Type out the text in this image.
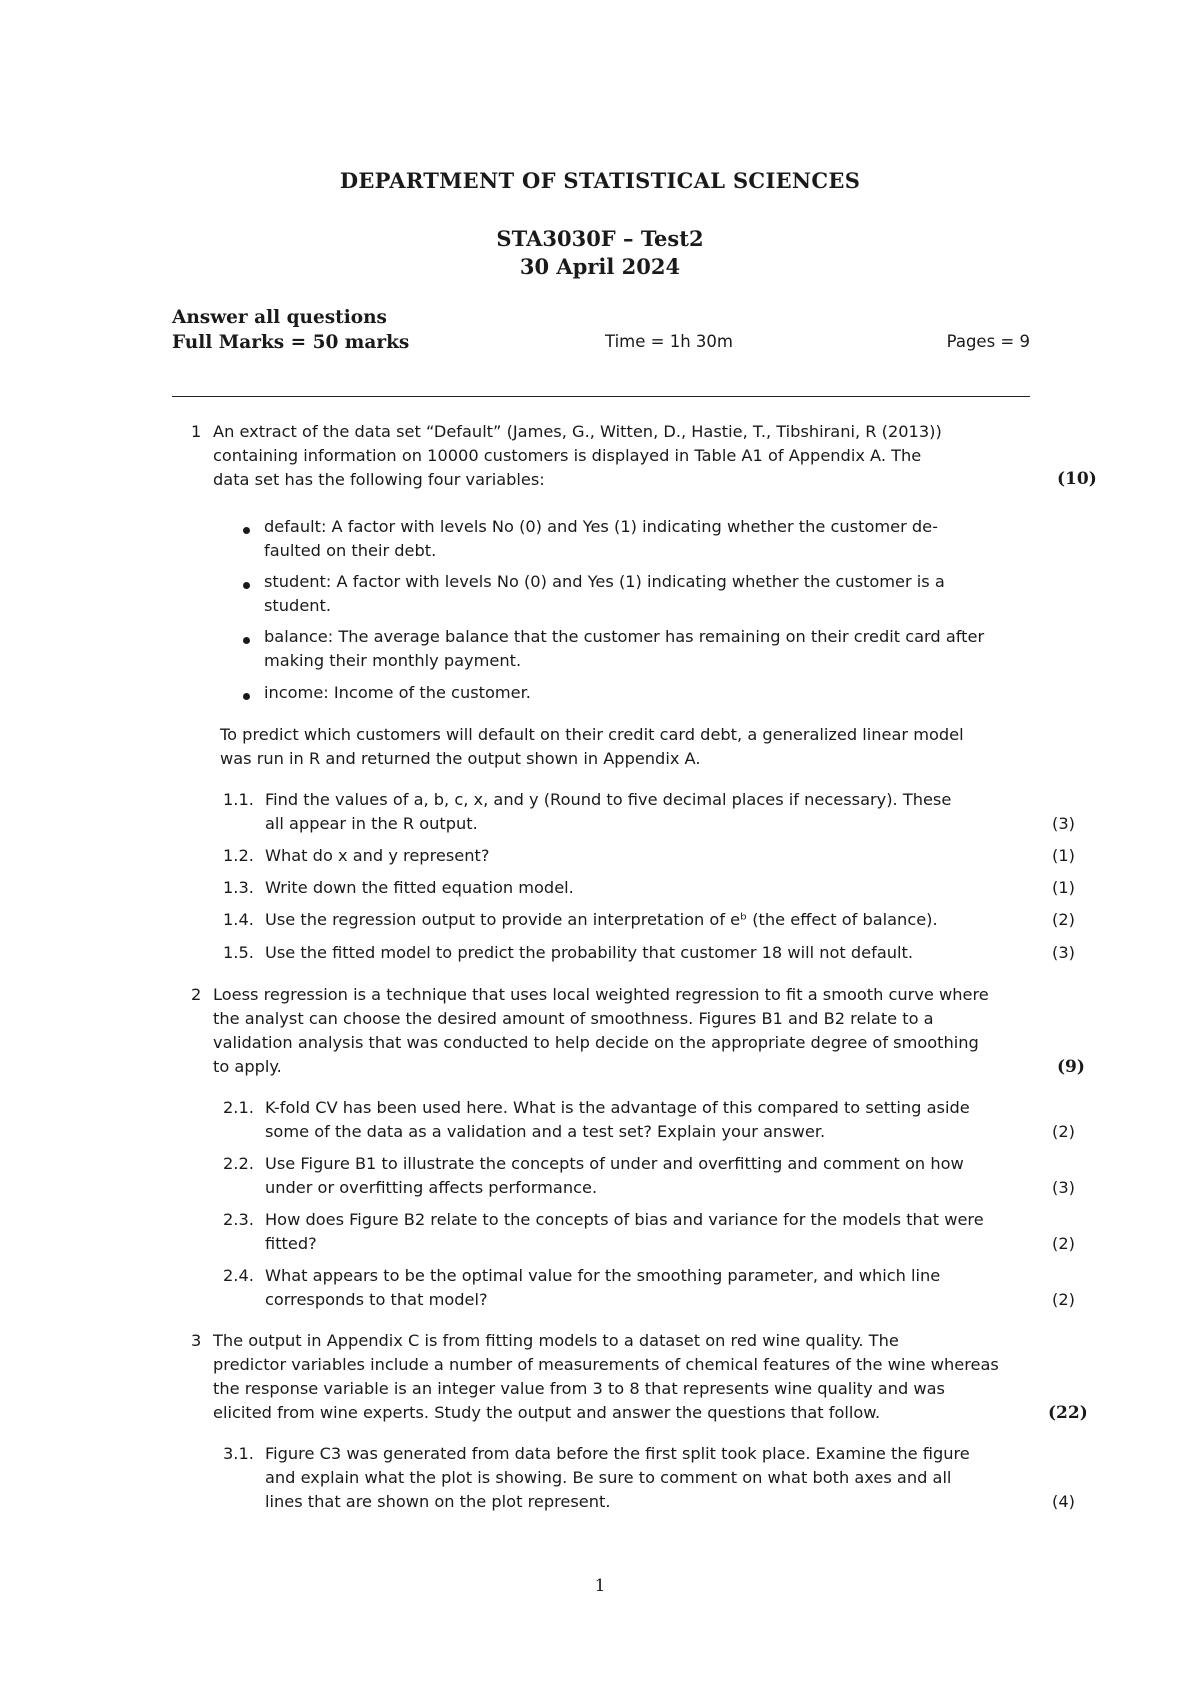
DEPARTMENT OF STATISTICAL SCIENCES
STA3030F – Test2
30 April 2024
Answer all questions
Full Marks = 50 marks	Time = 1h 30m	Pages = 9
1 An extract of the data set “Default” (James, G., Witten, D., Hastie, T., Tibshirani, R (2013))
containing information on 10000 customers is displayed in Table A1 of Appendix A. The
data set has the following four variables:	(10)
default: A factor with levels No (0) and Yes (1) indicating whether the customer de-
faulted on their debt.
student: A factor with levels No (0) and Yes (1) indicating whether the customer is a
student.
balance: The average balance that the customer has remaining on their credit card after
making their monthly payment.
income: Income of the customer.
To predict which customers will default on their credit card debt, a generalized linear model
was run in R and returned the output shown in Appendix A.
1.1. Find the values of a, b, c, x, and y (Round to five decimal places if necessary). These
all appear in the R output.	(3)
1.2. What do x and y represent?	(1)
1.3. Write down the fitted equation model.	(1)
1.4. Use the regression output to provide an interpretation of eᵇ (the effect of balance).	(2)
1.5. Use the fitted model to predict the probability that customer 18 will not default.	(3)
2 Loess regression is a technique that uses local weighted regression to fit a smooth curve where
the analyst can choose the desired amount of smoothness. Figures B1 and B2 relate to a
validation analysis that was conducted to help decide on the appropriate degree of smoothing
to apply.	(9)
2.1. K-fold CV has been used here. What is the advantage of this compared to setting aside
some of the data as a validation and a test set? Explain your answer.	(2)
2.2. Use Figure B1 to illustrate the concepts of under and overfitting and comment on how
under or overfitting affects performance.	(3)
2.3. How does Figure B2 relate to the concepts of bias and variance for the models that were
fitted?	(2)
2.4. What appears to be the optimal value for the smoothing parameter, and which line
corresponds to that model?	(2)
3 The output in Appendix C is from fitting models to a dataset on red wine quality. The
predictor variables include a number of measurements of chemical features of the wine whereas
the response variable is an integer value from 3 to 8 that represents wine quality and was
elicited from wine experts. Study the output and answer the questions that follow.	(22)
3.1. Figure C3 was generated from data before the first split took place. Examine the figure
and explain what the plot is showing. Be sure to comment on what both axes and all
lines that are shown on the plot represent.	(4)
1
